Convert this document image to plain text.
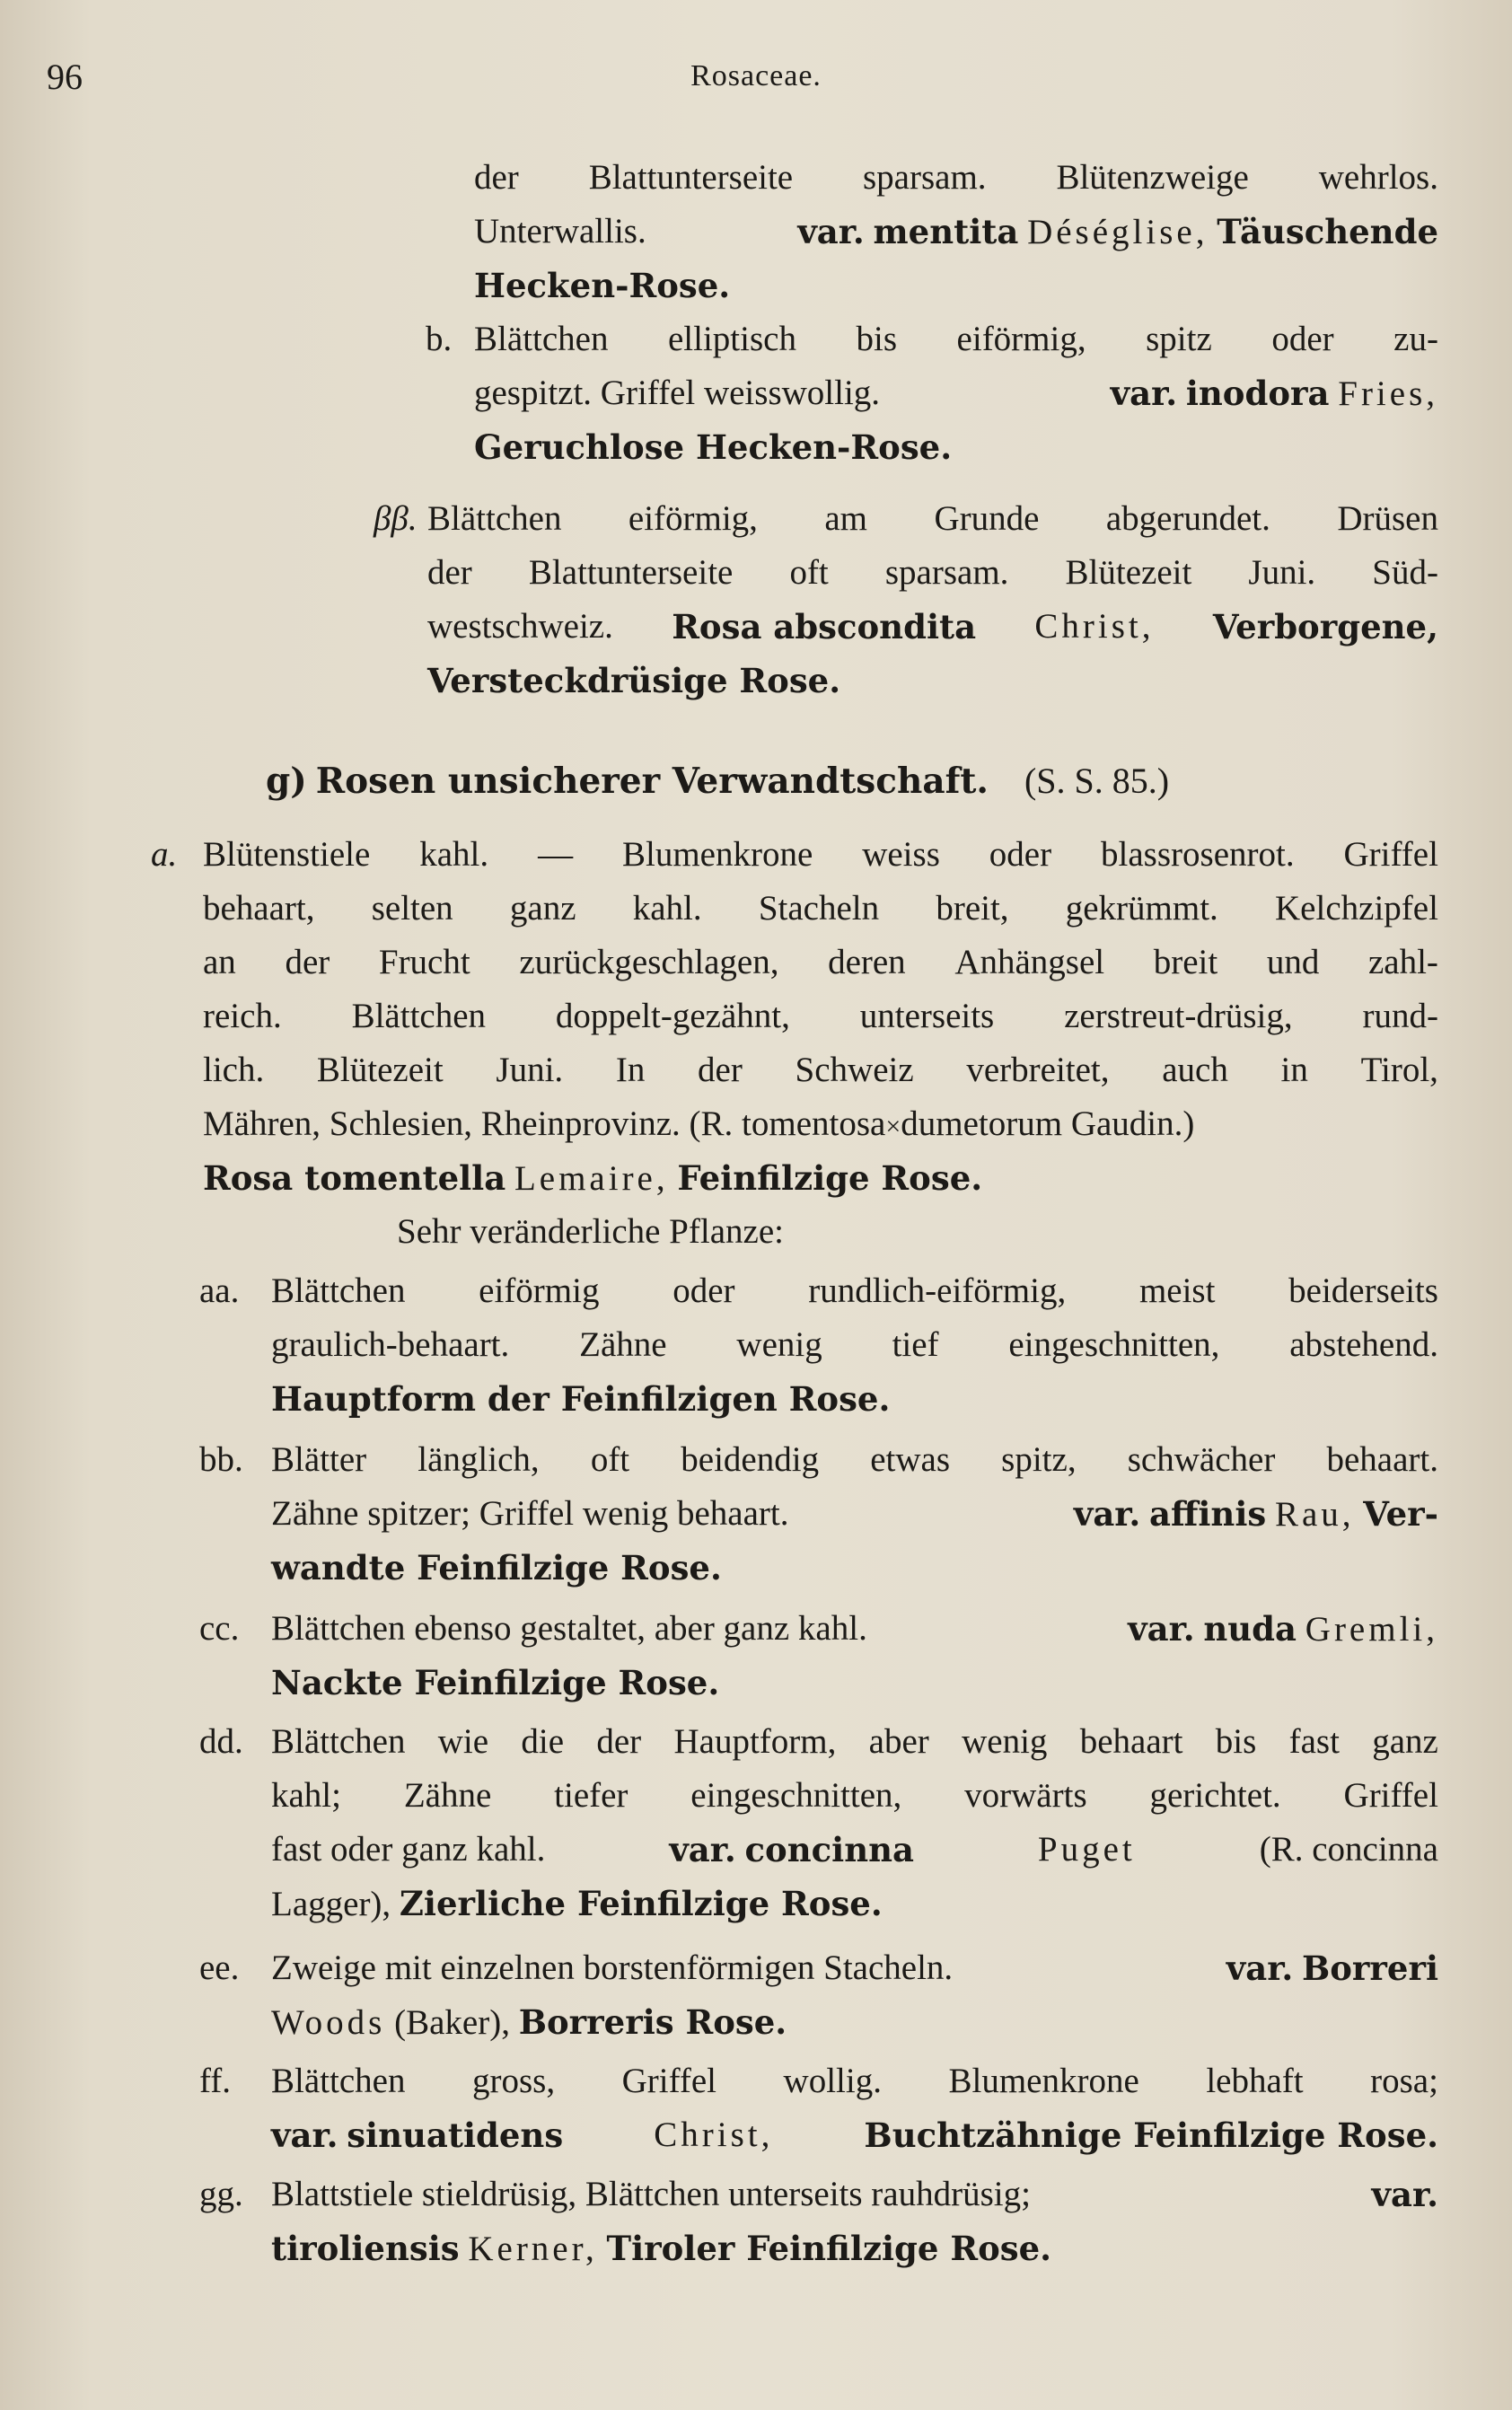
96	Rosaceae.
der Blattunterseite sparsam. Blütenzweige wehrlos.
Unterwallis.	var. mentita Déséglise, Täuschende
Hecken-Rose.
b. Blättchen elliptisch bis eiförmig, spitz oder zu-
gespitzt. Griffel weisswollig.	var. inodora Fries,
Geruchlose Hecken-Rose.
ββ. Blättchen eiförmig, am Grunde abgerundet. Drüsen
der Blattunterseite oft sparsam. Blütezeit Juni. Süd-
westschweiz. Rosa abscondita Christ, Verborgene,
Versteckdrüsige Rose.
g) Rosen unsicherer Verwandtschaft. (S. S. 85.)
a. Blütenstiele kahl. — Blumenkrone weiss oder blassrosenrot. Griffel
behaart, selten ganz kahl. Stacheln breit, gekrümmt. Kelchzipfel
an der Frucht zurückgeschlagen, deren Anhängsel breit und zahl-
reich. Blättchen doppelt-gezähnt, unterseits zerstreut-drüsig, rund-
lich. Blütezeit Juni. In der Schweiz verbreitet, auch in Tirol,
Mähren, Schlesien, Rheinprovinz. (R. tomentosa×dumetorum Gaudin.)
Rosa tomentella Lemaire, Feinfilzige Rose.
Sehr veränderliche Pflanze:
aa. Blättchen eiförmig oder rundlich-eiförmig, meist beiderseits
graulich-behaart. Zähne wenig tief eingeschnitten, abstehend.
Hauptform der Feinfilzigen Rose.
bb. Blätter länglich, oft beidendig etwas spitz, schwächer behaart.
Zähne spitzer; Griffel wenig behaart.	var. affinis Rau, Ver-
wandte Feinfilzige Rose.
cc. Blättchen ebenso gestaltet, aber ganz kahl.	var. nuda Gremli,
Nackte Feinfilzige Rose.
dd. Blättchen wie die der Hauptform, aber wenig behaart bis fast ganz
kahl; Zähne tiefer eingeschnitten, vorwärts gerichtet. Griffel
fast oder ganz kahl.	var. concinna	Puget	(R. concinna
Lagger), Zierliche Feinfilzige Rose.
ee. Zweige mit einzelnen borstenförmigen Stacheln.	var. Borreri
Woods (Baker), Borreris Rose.
ff. Blättchen gross, Griffel wollig. Blumenkrone lebhaft rosa;
var. sinuatidens	Christ,	Buchtzähnige Feinfilzige Rose.
gg. Blattstiele stieldrüsig, Blättchen unterseits rauhdrüsig;	var.
tiroliensis Kerner, Tiroler Feinfilzige Rose.
